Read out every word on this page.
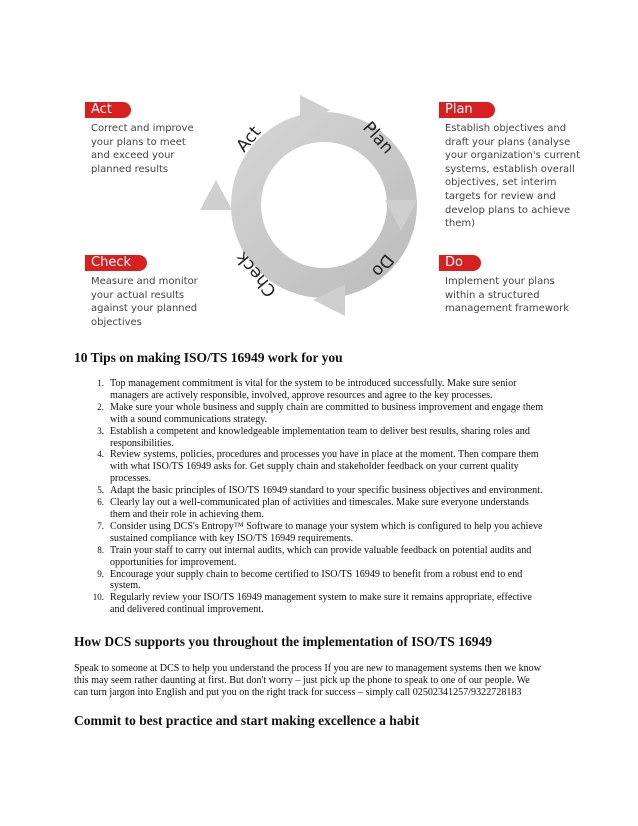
Act	Plan
Do
Check
Act
Correct and improve
your plans to meet
and exceed your
planned results
Plan
Establish objectives and
draft your plans (analyse
your organization's current
systems, establish overall
objectives, set interim
targets for review and
develop plans to achieve
them)
Check
Measure and monitor
your actual results
against your planned
objectives
Do
Implement your plans
within a structured
management framework
10 Tips on making ISO/TS 16949 work for you
1. Top management commitment is vital for the system to be introduced successfully. Make sure senior
managers are actively responsible, involved, approve resources and agree to the key processes.
2. Make sure your whole business and supply chain are committed to business improvement and engage them
with a sound communications strategy.
3. Establish a competent and knowledgeable implementation team to deliver best results, sharing roles and
responsibilities.
4. Review systems, policies, procedures and processes you have in place at the moment. Then compare them
with what ISO/TS 16949 asks for. Get supply chain and stakeholder feedback on your current quality
processes.
5. Adapt the basic principles of ISO/TS 16949 standard to your specific business objectives and environment.
6. Clearly lay out a well-communicated plan of activities and timescales. Make sure everyone understands
them and their role in achieving them.
7. Consider using DCS's Entropy™ Software to manage your system which is configured to help you achieve
sustained compliance with key ISO/TS 16949 requirements.
8. Train your staff to carry out internal audits, which can provide valuable feedback on potential audits and
opportunities for improvement.
9. Encourage your supply chain to become certified to ISO/TS 16949 to benefit from a robust end to end
system.
10. Regularly review your ISO/TS 16949 management system to make sure it remains appropriate, effective
and delivered continual improvement.
How DCS supports you throughout the implementation of ISO/TS 16949
Speak to someone at DCS to help you understand the process If you are new to management systems then we know
this may seem rather daunting at first. But don't worry – just pick up the phone to speak to one of our people. We
can turn jargon into English and put you on the right track for success – simply call 02502341257/9322728183
Commit to best practice and start making excellence a habit
